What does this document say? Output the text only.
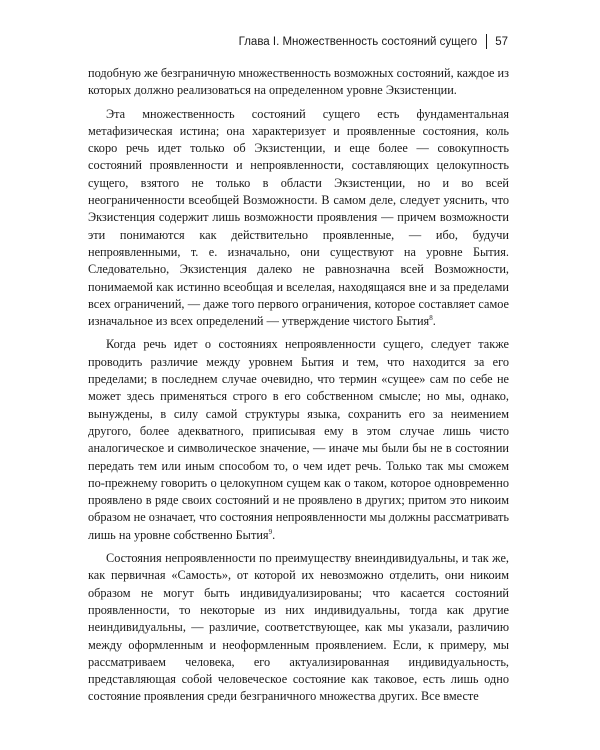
Глава I. Множественность состояний сущего 57

подобную же безграничную множественность возможных состояний, каждое из которых должно реализоваться на определенном уровне Экзистенции.

Эта множественность состояний сущего есть фундаментальная метафизическая истина; она характеризует и проявленные состояния, коль скоро речь идет только об Экзистенции, и еще более — совокупность состояний проявленности и непроявленности, составляющих целокупность сущего, взятого не только в области Экзистенции, но и во всей неограниченности всеобщей Возможности. В самом деле, следует уяснить, что Экзистенция содержит лишь возможности проявления — причем возможности эти понимаются как действительно проявленные, — ибо, будучи непроявленными, т. е. изначально, они существуют на уровне Бытия. Следовательно, Экзистенция далеко не равнозначна всей Возможности, понимаемой как истинно всеобщая и вселелая, находящаяся вне и за пределами всех ограничений, — даже того первого ограничения, которое составляет самое изначальное из всех определений — утверждение чистого Бытия$^8$.

Когда речь идет о состояниях непроявленности сущего, следует также проводить различие между уровнем Бытия и тем, что находится за его пределами; в последнем случае очевидно, что термин «сущее» сам по себе не может здесь применяться строго в его собственном смысле; но мы, однако, вынуждены, в силу самой структуры языка, сохранить его за неимением другого, более адекватного, приписывая ему в этом случае лишь чисто аналогическое и символическое значение, — иначе мы были бы не в состоянии передать тем или иным способом то, о чем идет речь. Только так мы сможем по-прежнему говорить о целокупном сущем как о таком, которое одновременно проявлено в ряде своих состояний и не проявлено в других; притом это никоим образом не означает, что состояния непроявленности мы должны рассматривать лишь на уровне собственно Бытия$^9$.

Состояния непроявленности по преимуществу внеиндивидуальны, и так же, как первичная «Самость», от которой их невозможно отделить, они никоим образом не могут быть индивидуализированы; что касается состояний проявленности, то некоторые из них индивидуальны, тогда как другие неиндивидуальны, — различие, соответствующее, как мы указали, различию между оформленным и неоформленным проявлением. Если, к примеру, мы рассматриваем человека, его актуализированная индивидуальность, представляющая собой человеческое состояние как таковое, есть лишь одно состояние проявления среди безграничного множества других. Все вместе
